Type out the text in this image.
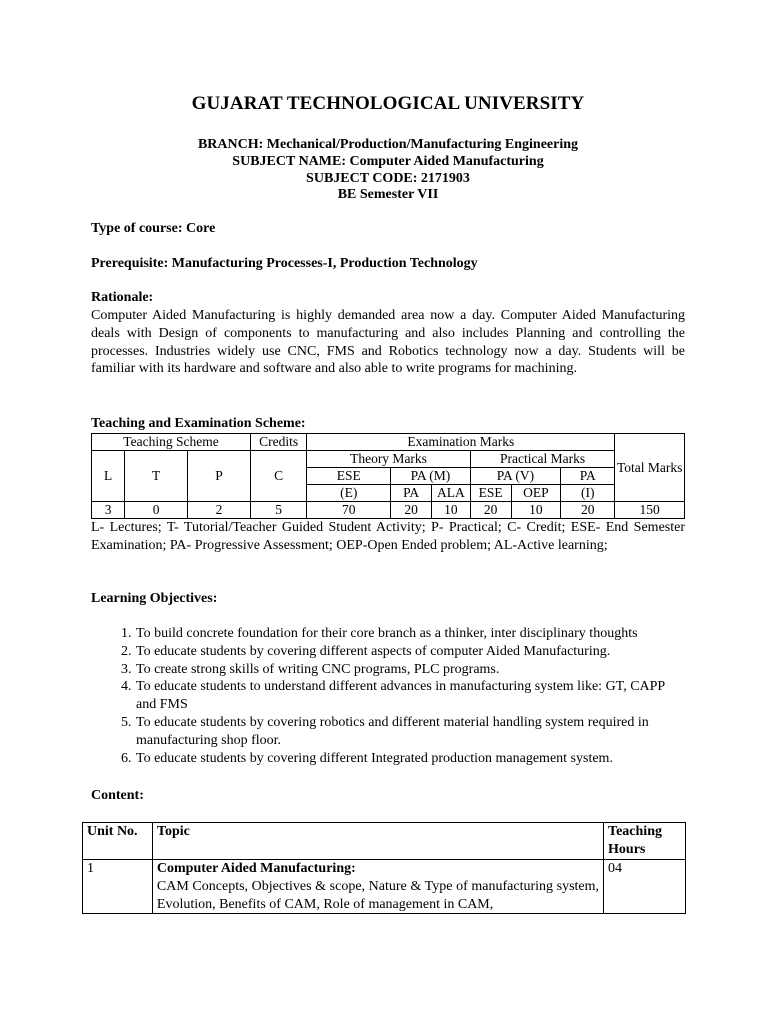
GUJARAT TECHNOLOGICAL UNIVERSITY
BRANCH: Mechanical/Production/Manufacturing Engineering
SUBJECT NAME: Computer Aided Manufacturing
SUBJECT CODE: 2171903
BE Semester VII
Type of course: Core
Prerequisite: Manufacturing Processes-I, Production Technology
Rationale:
Computer Aided Manufacturing is highly demanded area now a day. Computer Aided Manufacturing deals with Design of components to manufacturing and also includes Planning and controlling the processes. Industries widely use CNC, FMS and Robotics technology now a day. Students will be familiar with its hardware and software and also able to write programs for machining.
Teaching and Examination Scheme:
Teaching Scheme			Credits	Examination Marks						Total Marks
L	T	P	C	Theory Marks			Practical Marks			
				ESE	PA (M)		PA (V)		PA	
				(E)	PA	ALA	ESE	OEP	(I)	
3	0	2	5	70	20	10	20	10	20	150
L- Lectures; T- Tutorial/Teacher Guided Student Activity; P- Practical; C- Credit; ESE- End Semester Examination; PA- Progressive Assessment; OEP-Open Ended problem; AL-Active learning;
Learning Objectives:
1. To build concrete foundation for their core branch as a thinker, inter disciplinary thoughts
2. To educate students by covering different aspects of computer Aided Manufacturing.
3. To create strong skills of writing CNC programs, PLC programs.
4. To educate students to understand different advances in manufacturing system like: GT, CAPP and FMS
5. To educate students by covering robotics and different material handling system required in manufacturing shop floor.
6. To educate students by covering different Integrated production management system.
Content:
Unit No.	Topic	Teaching Hours
1	Computer Aided Manufacturing:
CAM Concepts, Objectives & scope, Nature & Type of manufacturing system, Evolution, Benefits of CAM, Role of management in CAM,	04
